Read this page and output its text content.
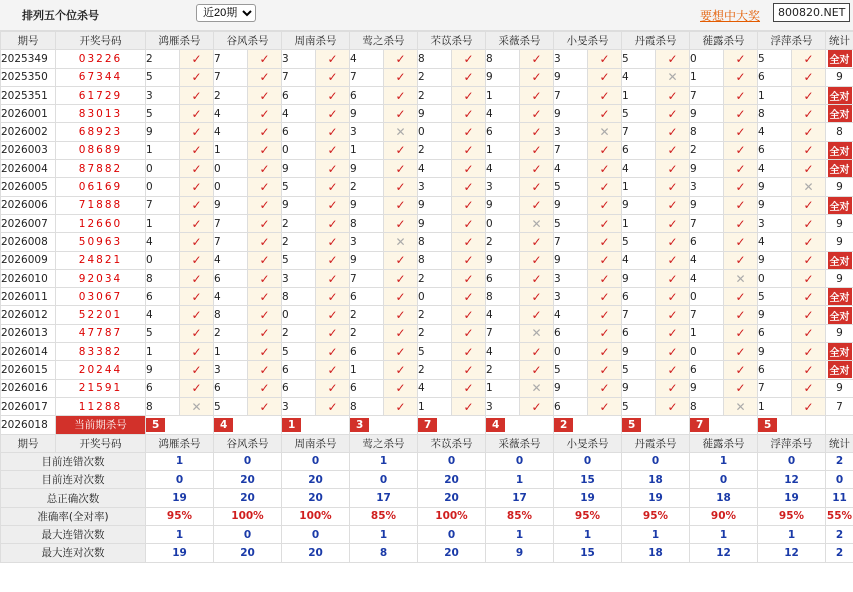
排列五个位杀号
近20期	要想中大奖	800820.NET
期号	开奖号码	鸿雁杀号		谷风杀号		周南杀号		莺之杀号		芣苡杀号		采薇杀号		小旻杀号		丹霞杀号		蓰露杀号		浮萍杀号		统计
2025349	03226	2	✓	7	✓	3	✓	4	✓	8	✓	8	✓	3	✓	5	✓	0	✓	5	✓	全对
2025350	67344	5	✓	7	✓	7	✓	7	✓	2	✓	9	✓	9	✓	4	✕	1	✓	6	✓	9
2025351	61729	3	✓	2	✓	6	✓	6	✓	2	✓	1	✓	7	✓	1	✓	7	✓	1	✓	全对
2026001	83013	5	✓	4	✓	4	✓	9	✓	9	✓	4	✓	9	✓	5	✓	9	✓	8	✓	全对
2026002	68923	9	✓	4	✓	6	✓	3	✕	0	✓	6	✓	3	✕	7	✓	8	✓	4	✓	8
2026003	08689	1	✓	1	✓	0	✓	1	✓	2	✓	1	✓	7	✓	6	✓	2	✓	6	✓	全对
2026004	87882	0	✓	0	✓	9	✓	9	✓	4	✓	4	✓	4	✓	4	✓	9	✓	4	✓	全对
2026005	06169	0	✓	0	✓	5	✓	2	✓	3	✓	3	✓	5	✓	1	✓	3	✓	9	✕	9
2026006	71888	7	✓	9	✓	9	✓	9	✓	9	✓	9	✓	9	✓	9	✓	9	✓	9	✓	全对
2026007	12660	1	✓	7	✓	2	✓	8	✓	9	✓	0	✕	5	✓	1	✓	7	✓	3	✓	9
2026008	50963	4	✓	7	✓	2	✓	3	✕	8	✓	2	✓	7	✓	5	✓	6	✓	4	✓	9
2026009	24821	0	✓	4	✓	5	✓	9	✓	8	✓	9	✓	9	✓	4	✓	4	✓	9	✓	全对
2026010	92034	8	✓	6	✓	3	✓	7	✓	2	✓	6	✓	3	✓	9	✓	4	✕	0	✓	9
2026011	03067	6	✓	4	✓	8	✓	6	✓	0	✓	8	✓	3	✓	6	✓	0	✓	5	✓	全对
2026012	52201	4	✓	8	✓	0	✓	2	✓	2	✓	4	✓	4	✓	7	✓	7	✓	9	✓	全对
2026013	47787	5	✓	2	✓	2	✓	2	✓	2	✓	7	✕	6	✓	6	✓	1	✓	6	✓	9
2026014	83382	1	✓	1	✓	5	✓	6	✓	5	✓	4	✓	0	✓	9	✓	0	✓	9	✓	全对
2026015	20244	9	✓	3	✓	6	✓	1	✓	2	✓	2	✓	5	✓	5	✓	6	✓	6	✓	全对
2026016	21591	6	✓	6	✓	6	✓	6	✓	4	✓	1	✕	9	✓	9	✓	9	✓	7	✓	9
2026017	11288	8	✕	5	✓	3	✓	8	✓	1	✓	3	✓	6	✓	5	✓	8	✕	1	✓	7
2026018	当前期杀号	5		4		1		3		7		4		2		5		7		5		
期号	开奖号码	鸿雁杀号		谷风杀号		周南杀号		莺之杀号		芣苡杀号		采薇杀号		小旻杀号		丹霞杀号		蓰露杀号		浮萍杀号		统计
目前连错次数		1		0		0		1		0		0		0		0		1		0		2
目前连对次数		0		20		20		0		20		1		15		18		0		12		0
总正确次数		19		20		20		17		20		17		19		19		18		19		11
准确率(全对率)		95%		100%		100%		85%		100%		85%		95%		95%		90%		95%		55%
最大连错次数		1		0		0		1		0		1		1		1		1		1		2
最大连对次数		19		20		20		8		20		9		15		18		12		12		2
